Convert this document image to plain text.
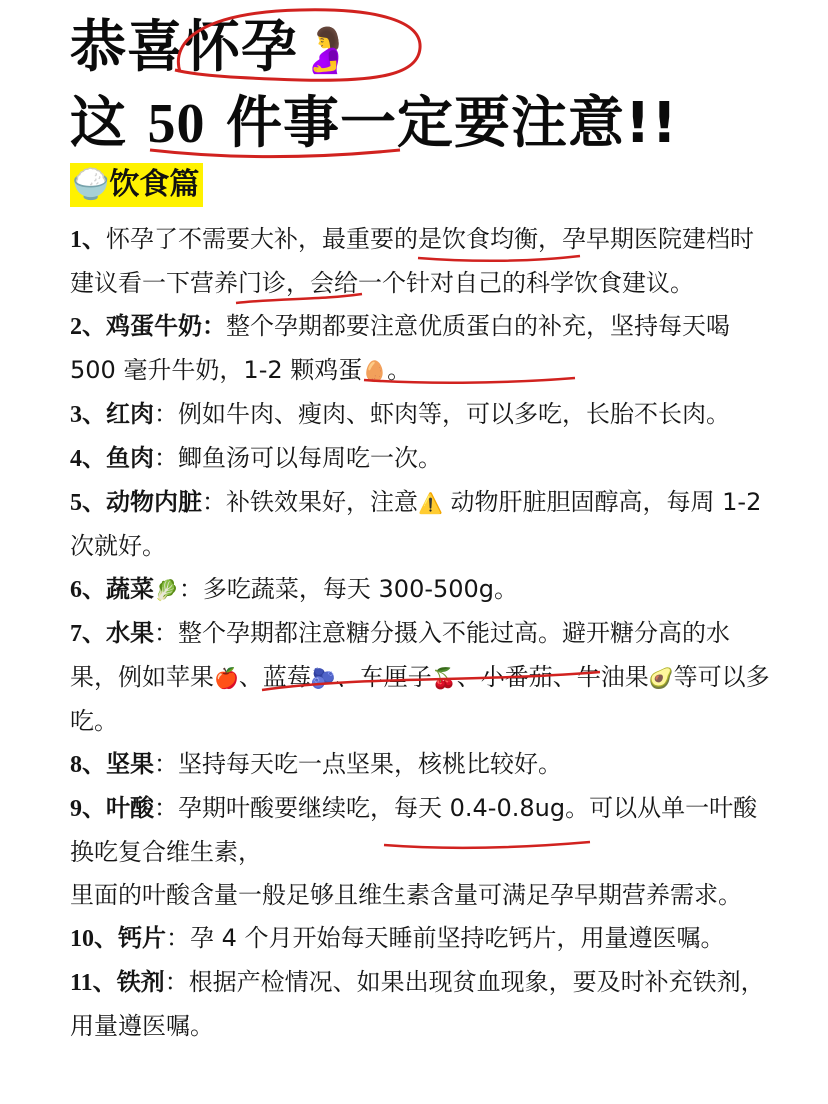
恭喜怀孕🤰
这 50 件事一定要注意!!
🍚饮食篇

1、怀孕了不需要大补，最重要的是饮食均衡，孕早期医院建档时建议看一下营养门诊，会给一个针对自己的科学饮食建议。

2、鸡蛋牛奶：整个孕期都要注意优质蛋白的补充，坚持每天喝 500 毫升牛奶，1-2 颗鸡蛋🥚。

3、红肉：例如牛肉、瘦肉、虾肉等，可以多吃，长胎不长肉。

4、鱼肉：鲫鱼汤可以每周吃一次。

5、动物内脏：补铁效果好，注意⚠️ 动物肝脏胆固醇高，每周 1-2 次就好。

6、蔬菜🥬：多吃蔬菜，每天 300-500g。

7、水果：整个孕期都注意糖分摄入不能过高。避开糖分高的水果，例如苹果🍎、蓝莓🫐、车厘子🍒、小番茄、牛油果🥑等可以多吃。

8、坚果：坚持每天吃一点坚果，核桃比较好。

9、叶酸：孕期叶酸要继续吃，每天 0.4-0.8ug。可以从单一叶酸换吃复合维生素，

里面的叶酸含量一般足够且维生素含量可满足孕早期营养需求。

10、钙片：孕 4 个月开始每天睡前坚持吃钙片，用量遵医嘱。

11、铁剂：根据产检情况、如果出现贫血现象，要及时补充铁剂，用量遵医嘱。
